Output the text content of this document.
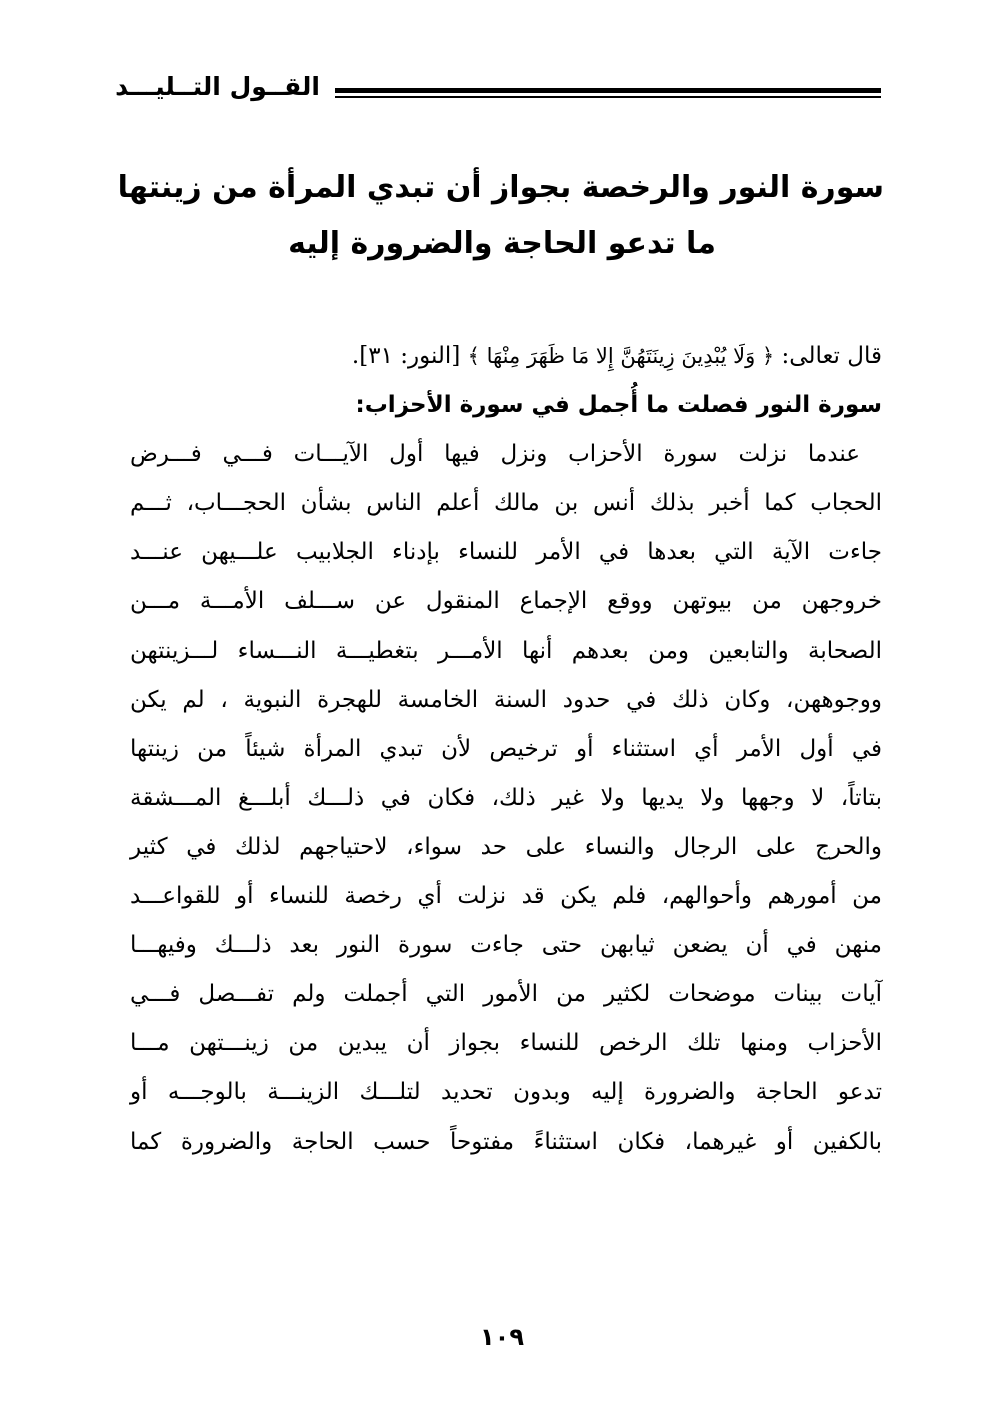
القــول التــليـــد
سورة النور والرخصة بجواز أن تبدي المرأة من زينتها
ما تدعو الحاجة والضرورة إليه
قال تعالى: ﴿ وَلَا يُبْدِينَ زِينَتَهُنَّ إِلا مَا ظَهَرَ مِنْهَا ﴾ [النور: ٣١].
سورة النور فصلت ما أُجمل في سورة الأحزاب:
عندما نزلت سورة الأحزاب ونزل فيها أول الآيـــات فـــي فـــرض
الحجاب كما أخبر بذلك أنس بن مالك أعلم الناس بشأن الحجـــاب، ثـــم
جاءت الآية التي بعدها في الأمر للنساء بإدناء الجلابيب علـــيهن عنـــد
خروجهن من بيوتهن ووقع الإجماع المنقول عن ســـلف الأمـــة مـــن
الصحابة والتابعين ومن بعدهم أنها الأمـــر بتغطيـــة النـــساء لـــزينتهن
ووجوههن، وكان ذلك في حدود السنة الخامسة للهجرة النبوية ، لم يكن
في أول الأمر أي استثناء أو ترخيص لأن تبدي المرأة شيئاً من زينتها
بتاتاً، لا وجهها ولا يديها ولا غير ذلك، فكان في ذلـــك أبلـــغ المـــشقة
والحرج على الرجال والنساء على حد سواء، لاحتياجهم لذلك في كثير
من أمورهم وأحوالهم، فلم يكن قد نزلت أي رخصة للنساء أو للقواعـــد
منهن في أن يضعن ثيابهن حتى جاءت سورة النور بعد ذلـــك وفيهـــا
آيات بينات موضحات لكثير من الأمور التي أجملت ولم تفـــصل فـــي
الأحزاب ومنها تلك الرخص للنساء بجواز أن يبدين من زينـــتهن مـــا
تدعو الحاجة والضرورة إليه وبدون تحديد لتلـــك الزينـــة بالوجـــه أو
بالكفين أو غيرهما، فكان استثناءً مفتوحاً حسب الحاجة والضرورة كما
١٠٩
